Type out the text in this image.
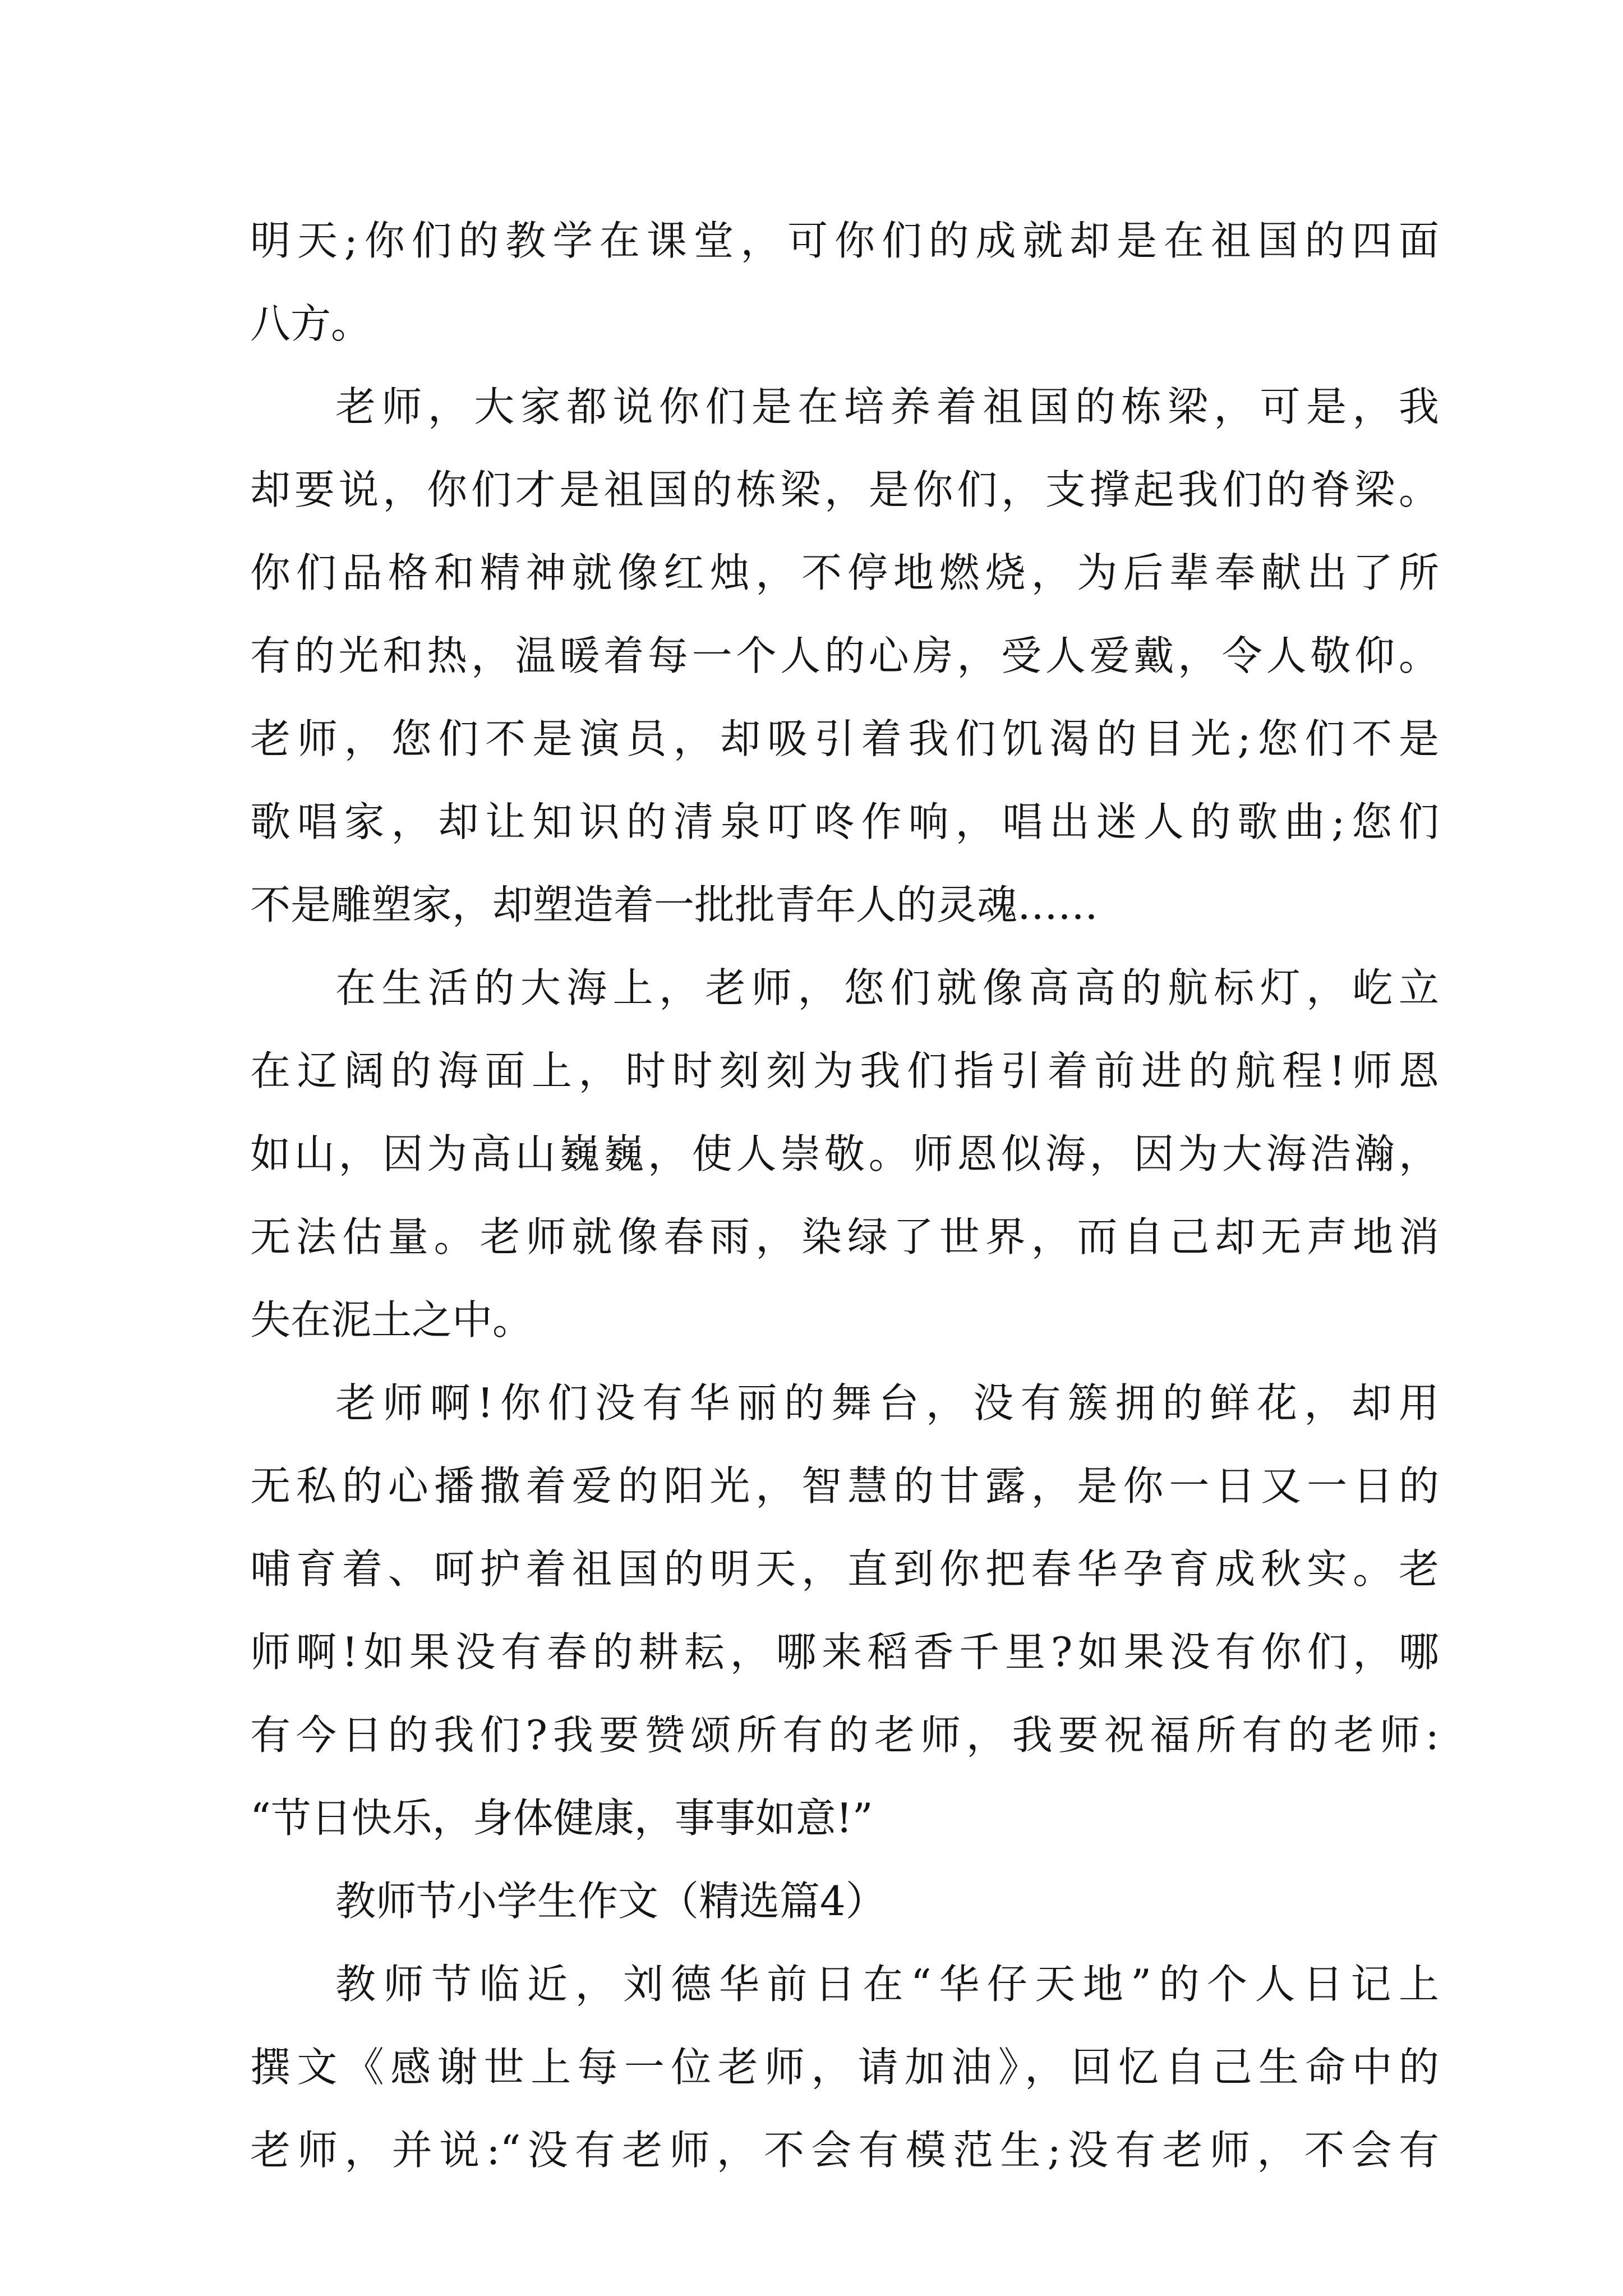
明天;你们的教学在课堂，可你们的成就却是在祖国的四面
八方。
老师，大家都说你们是在培养着祖国的栋梁，可是，我
却要说，你们才是祖国的栋梁，是你们，支撑起我们的脊梁。
你们品格和精神就像红烛，不停地燃烧，为后辈奉献出了所
有的光和热，温暖着每一个人的心房，受人爱戴，令人敬仰。
老师，您们不是演员，却吸引着我们饥渴的目光;您们不是
歌唱家，却让知识的清泉叮咚作响，唱出迷人的歌曲;您们
不是雕塑家，却塑造着一批批青年人的灵魂……
在生活的大海上，老师，您们就像高高的航标灯，屹立
在辽阔的海面上，时时刻刻为我们指引着前进的航程!师恩
如山，因为高山巍巍，使人崇敬。师恩似海，因为大海浩瀚，
无法估量。老师就像春雨，染绿了世界，而自己却无声地消
失在泥土之中。
老师啊!你们没有华丽的舞台，没有簇拥的鲜花，却用
无私的心播撒着爱的阳光，智慧的甘露，是你一日又一日的
哺育着、呵护着祖国的明天，直到你把春华孕育成秋实。老
师啊!如果没有春的耕耘，哪来稻香千里?如果没有你们，哪
有今日的我们?我要赞颂所有的老师，我要祝福所有的老师:
“节日快乐，身体健康，事事如意!”
教师节小学生作文（精选篇4）
教师节临近，刘德华前日在“华仔天地”的个人日记上
撰文《感谢世上每一位老师，请加油》，回忆自己生命中的
老师，并说:“没有老师，不会有模范生;没有老师，不会有
